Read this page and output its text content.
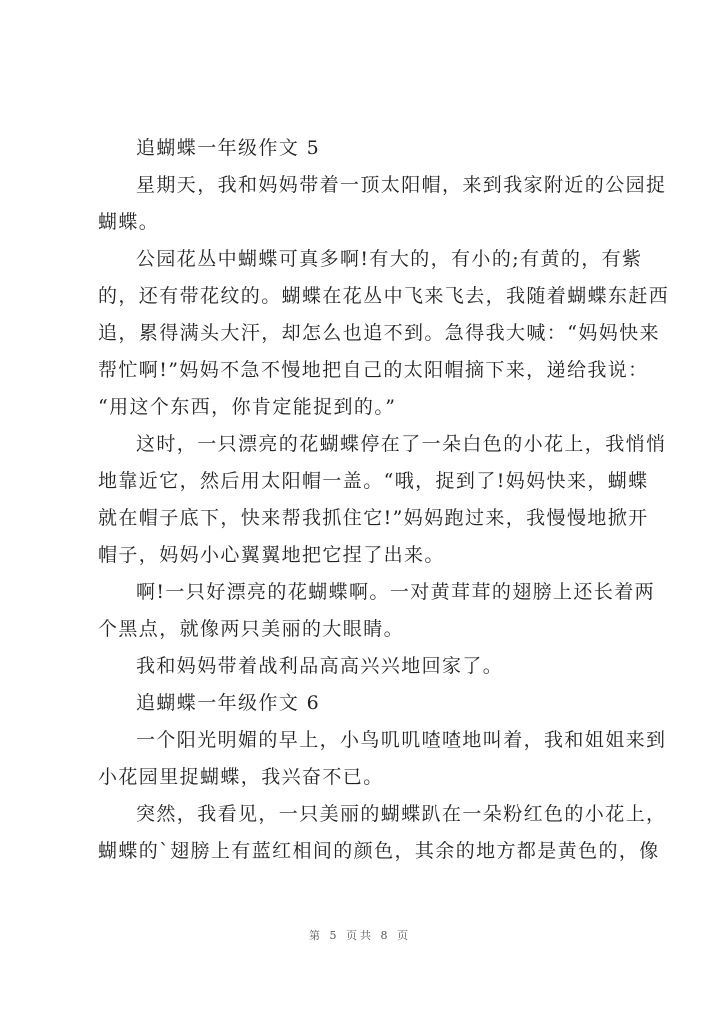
追蝴蝶一年级作文 5
星期天，我和妈妈带着一顶太阳帽，来到我家附近的公园捉
蝴蝶。
公园花丛中蝴蝶可真多啊!有大的，有小的;有黄的，有紫
的，还有带花纹的。蝴蝶在花丛中飞来飞去，我随着蝴蝶东赶西
追，累得满头大汗，却怎么也追不到。急得我大喊：“妈妈快来
帮忙啊!”妈妈不急不慢地把自己的太阳帽摘下来，递给我说：
“用这个东西，你肯定能捉到的。”
这时，一只漂亮的花蝴蝶停在了一朵白色的小花上，我悄悄
地靠近它，然后用太阳帽一盖。“哦，捉到了!妈妈快来，蝴蝶
就在帽子底下，快来帮我抓住它!”妈妈跑过来，我慢慢地掀开
帽子，妈妈小心翼翼地把它捏了出来。
啊!一只好漂亮的花蝴蝶啊。一对黄茸茸的翅膀上还长着两
个黑点，就像两只美丽的大眼睛。
我和妈妈带着战利品高高兴兴地回家了。
追蝴蝶一年级作文 6
一个阳光明媚的早上，小鸟叽叽喳喳地叫着，我和姐姐来到
小花园里捉蝴蝶，我兴奋不已。
突然，我看见，一只美丽的蝴蝶趴在一朵粉红色的小花上，
蝴蝶的`翅膀上有蓝红相间的颜色，其余的地方都是黄色的，像
第 5 页共 8 页
